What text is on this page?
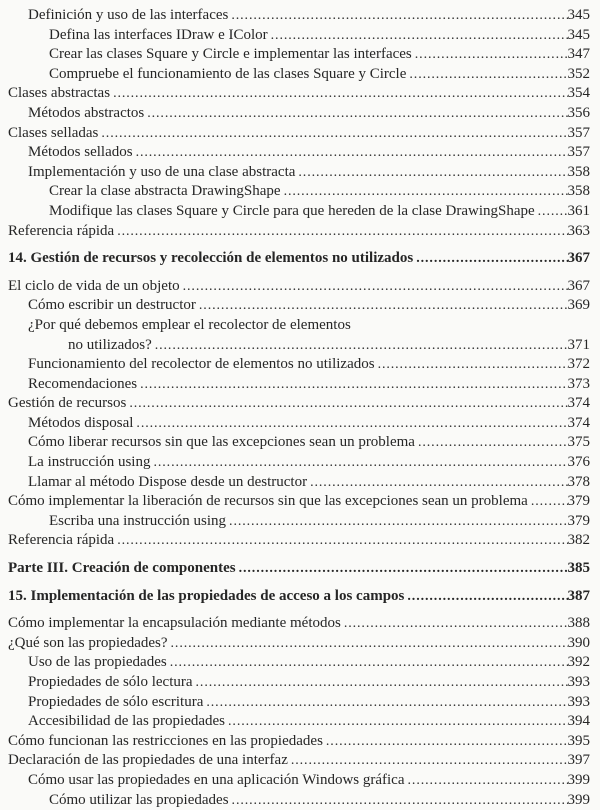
Definición y uso de las interfaces .....	345
Defina las interfaces IDraw e IColor .....	345
Crear las clases Square y Circle e implementar las interfaces .....	347
Compruebe el funcionamiento de las clases Square y Circle .....	352
Clases abstractas .....	354
Métodos abstractos .....	356
Clases selladas .....	357
Métodos sellados .....	357
Implementación y uso de una clase abstracta .....	358
Crear la clase abstracta DrawingShape .....	358
Modifique las clases Square y Circle para que hereden de la clase DrawingShape ..... 361
Referencia rápida .....	363
14. Gestión de recursos y recolección de elementos no utilizados .....	367
El ciclo de vida de un objeto .....	367
Cómo escribir un destructor .....	369
¿Por qué debemos emplear el recolector de elementos
no utilizados? .....	371
Funcionamiento del recolector de elementos no utilizados .....	372
Recomendaciones .....	373
Gestión de recursos .....	374
Métodos disposal .....	374
Cómo liberar recursos sin que las excepciones sean un problema .....	375
La instrucción using .....	376
Llamar al método Dispose desde un destructor .....	378
Cómo implementar la liberación de recursos sin que las excepciones sean un problema .....	379
Escriba una instrucción using .....	379
Referencia rápida .....	382
Parte III. Creación de componentes .....	385
15. Implementación de las propiedades de acceso a los campos .....	387
Cómo implementar la encapsulación mediante métodos .....	388
¿Qué son las propiedades? .....	390
Uso de las propiedades .....	392
Propiedades de sólo lectura .....	393
Propiedades de sólo escritura .....	393
Accesibilidad de las propiedades .....	394
Cómo funcionan las restricciones en las propiedades .....	395
Declaración de las propiedades de una interfaz .....	397
Cómo usar las propiedades en una aplicación Windows gráfica .....	399
Cómo utilizar las propiedades .....	399
